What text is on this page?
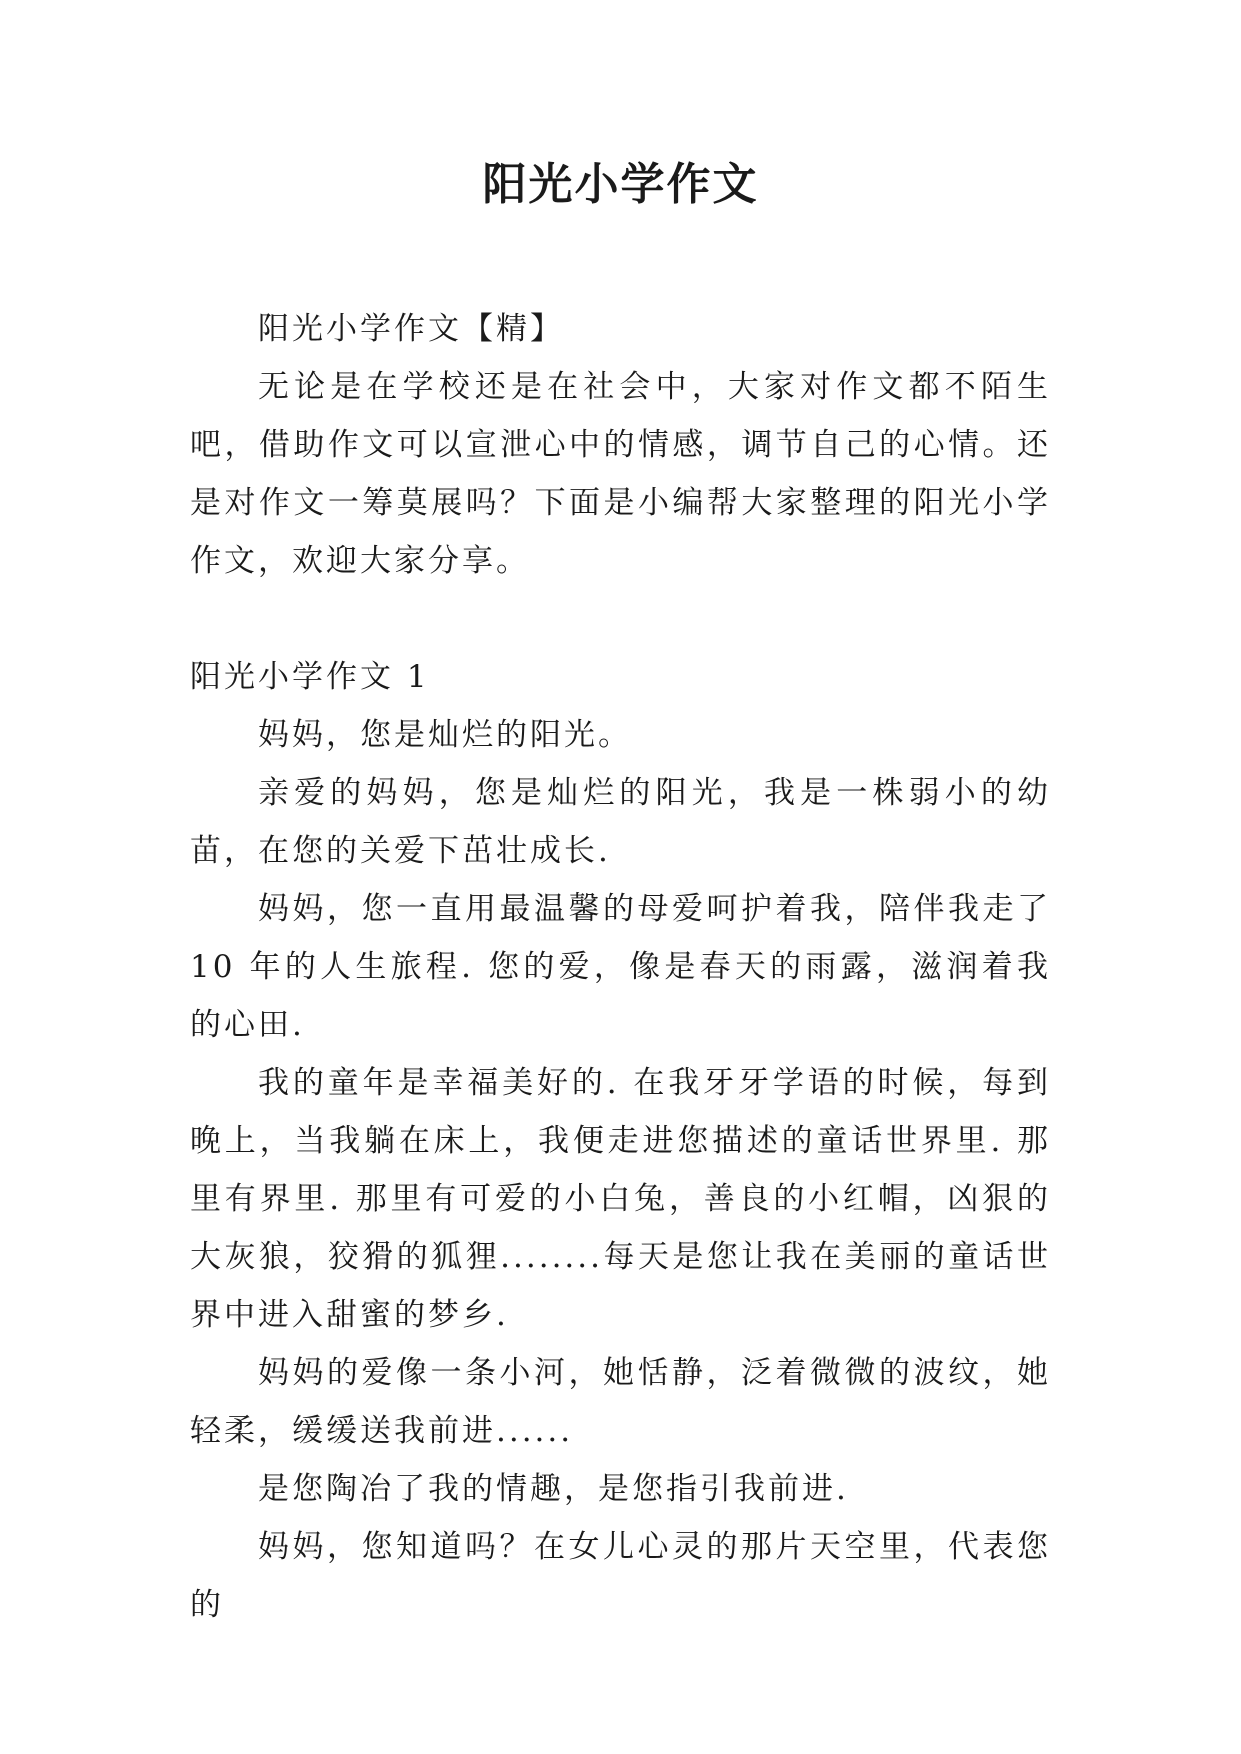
阳光小学作文

阳光小学作文【精】

无论是在学校还是在社会中，大家对作文都不陌生吧，借助作文可以宣泄心中的情感，调节自己的心情。还是对作文一筹莫展吗？下面是小编帮大家整理的阳光小学作文，欢迎大家分享。

阳光小学作文 1

妈妈，您是灿烂的阳光。

亲爱的妈妈，您是灿烂的阳光，我是一株弱小的幼苗，在您的关爱下茁壮成长.

妈妈，您一直用最温馨的母爱呵护着我，陪伴我走了 10 年的人生旅程. 您的爱，像是春天的雨露，滋润着我的心田.

我的童年是幸福美好的. 在我牙牙学语的时候，每到晚上，当我躺在床上，我便走进您描述的童话世界里. 那里有界里. 那里有可爱的小白兔，善良的小红帽，凶狠的大灰狼，狡猾的狐狸........每天是您让我在美丽的童话世界中进入甜蜜的梦乡.

妈妈的爱像一条小河，她恬静，泛着微微的波纹，她轻柔，缓缓送我前进......

是您陶冶了我的情趣，是您指引我前进.

妈妈，您知道吗？在女儿心灵的那片天空里，代表您的
